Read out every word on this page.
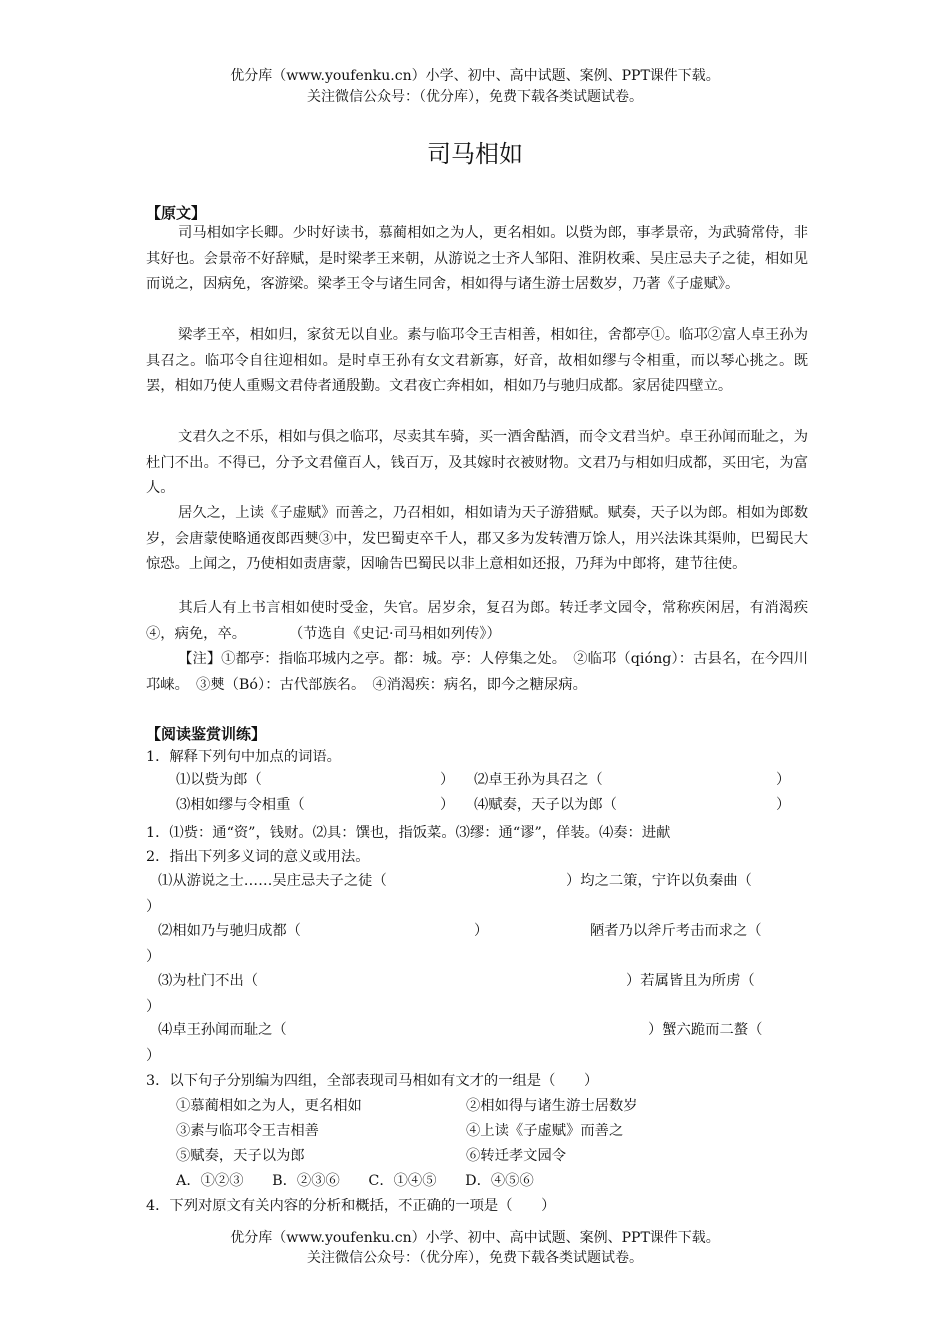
优分库（www.youfenku.cn）小学、初中、高中试题、案例、PPT课件下载。
关注微信公众号：（优分库），免费下载各类试题试卷。
司马相如
【原文】

司马相如字长卿。少时好读书，慕蔺相如之为人，更名相如。以赀为郎，事孝景帝，为武骑常侍，非其好也。会景帝不好辞赋，是时梁孝王来朝，从游说之士齐人邹阳、淮阴枚乘、吴庄忌夫子之徒，相如见而说之，因病免，客游梁。梁孝王令与诸生同舍，相如得与诸生游士居数岁，乃著《子虚赋》。

梁孝王卒，相如归，家贫无以自业。素与临邛令王吉相善，相如往，舍都亭①。临邛②富人卓王孙为具召之。临邛令自往迎相如。是时卓王孙有女文君新寡，好音，故相如缪与令相重，而以琴心挑之。既罢，相如乃使人重赐文君侍者通殷勤。文君夜亡奔相如，相如乃与驰归成都。家居徒四壁立。

文君久之不乐，相如与俱之临邛，尽卖其车骑，买一酒舍酤酒，而令文君当炉。卓王孙闻而耻之，为杜门不出。不得已，分予文君僮百人，钱百万，及其嫁时衣被财物。文君乃与相如归成都，买田宅，为富人。

居久之，上读《子虚赋》而善之，乃召相如，相如请为天子游猎赋。赋奏，天子以为郎。相如为郎数岁，会唐蒙使略通夜郎西僰③中，发巴蜀吏卒千人，郡又多为发转漕万馀人，用兴法诛其渠帅，巴蜀民大惊恐。上闻之，乃使相如责唐蒙，因喻告巴蜀民以非上意相如还报，乃拜为中郎将，建节往使。

其后人有上书言相如使时受金，失官。居岁余，复召为郎。转迁孝文园令，常称疾闲居，有消渴疾④，病免，卒。　　　　	（节选自《史记·司马相如列传》）

【注】①都亭：指临邛城内之亭。都：城。亭：人停集之处。　②临邛（qióng）：古县名，在今四川邛崃。　③僰（Bó）：古代部族名。　④消渴疾：病名，即今之糖尿病。

【阅读鉴赏训练】
1．解释下列句中加点的词语。
⑴以赀为郎（	） ⑵卓王孙为具召之（	）
⑶相如缪与令相重（	） ⑷赋奏，天子以为郎（	）
1．⑴赀：通“资”，钱财。⑵具：馔也，指饭菜。⑶缪：通“谬”，佯装。⑷奏：进献
2．指出下列多义词的意义或用法。
⑴从游说之士……吴庄忌夫子之徒（	）均之二策，宁许以负秦曲（
）
⑵相如乃与驰归成都（	）	陋者乃以斧斤考击而求之（
）
⑶为杜门不出（	）若属皆且为所虏（
）
⑷卓王孙闻而耻之（	）蟹六跪而二螯（
）
3．以下句子分别编为四组，全部表现司马相如有文才的一组是（　　）
①慕蔺相如之为人，更名相如	②相如得与诸生游士居数岁
③素与临邛令王吉相善	④上读《子虚赋》而善之
⑤赋奏，天子以为郎	⑥转迁孝文园令
A．①②③　　B．②③⑥　　C．①④⑤　　D．④⑤⑥
4．下列对原文有关内容的分析和概括，不正确的一项是（　　）
优分库（www.youfenku.cn）小学、初中、高中试题、案例、PPT课件下载。
关注微信公众号：（优分库），免费下载各类试题试卷。
